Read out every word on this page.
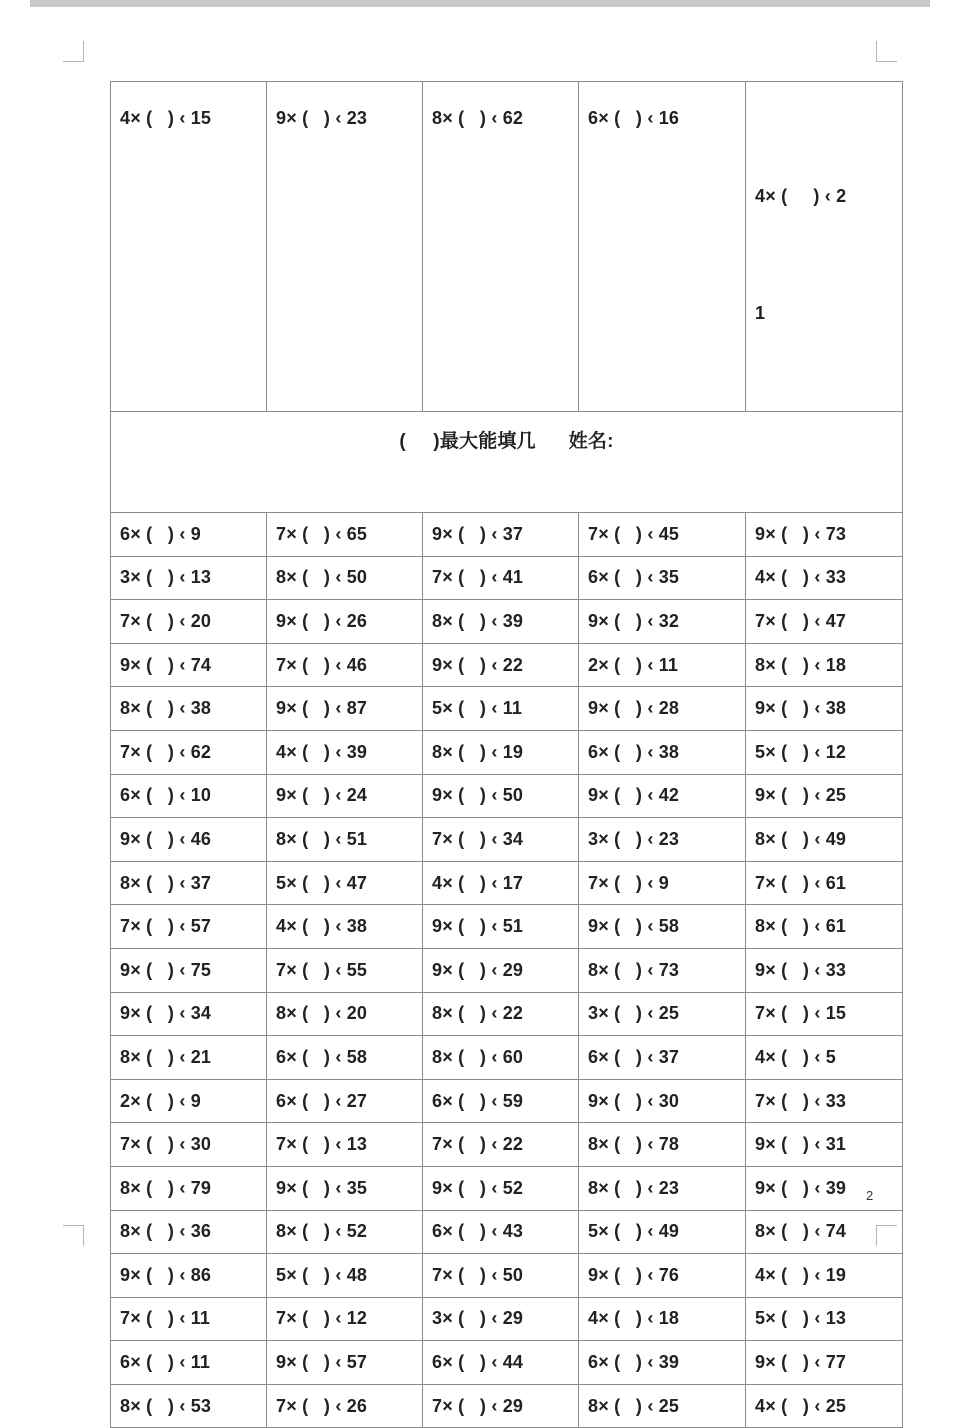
4× (   ) ‹ 15	9× (   ) ‹ 23	8× (   ) ‹ 62	6× (   ) ‹ 16	4× (     ) ‹ 2

1

(     )最大能填几      姓名:				
6× (   ) ‹ 9	7× (   ) ‹ 65	9× (   ) ‹ 37	7× (   ) ‹ 45	9× (   ) ‹ 73
3× (   ) ‹ 13	8× (   ) ‹ 50	7× (   ) ‹ 41	6× (   ) ‹ 35	4× (   ) ‹ 33
7× (   ) ‹ 20	9× (   ) ‹ 26	8× (   ) ‹ 39	9× (   ) ‹ 32	7× (   ) ‹ 47
9× (   ) ‹ 74	7× (   ) ‹ 46	9× (   ) ‹ 22	2× (   ) ‹ 11	8× (   ) ‹ 18
8× (   ) ‹ 38	9× (   ) ‹ 87	5× (   ) ‹ 11	9× (   ) ‹ 28	9× (   ) ‹ 38
7× (   ) ‹ 62	4× (   ) ‹ 39	8× (   ) ‹ 19	6× (   ) ‹ 38	5× (   ) ‹ 12
6× (   ) ‹ 10	9× (   ) ‹ 24	9× (   ) ‹ 50	9× (   ) ‹ 42	9× (   ) ‹ 25
9× (   ) ‹ 46	8× (   ) ‹ 51	7× (   ) ‹ 34	3× (   ) ‹ 23	8× (   ) ‹ 49
8× (   ) ‹ 37	5× (   ) ‹ 47	4× (   ) ‹ 17	7× (   ) ‹ 9	7× (   ) ‹ 61
7× (   ) ‹ 57	4× (   ) ‹ 38	9× (   ) ‹ 51	9× (   ) ‹ 58	8× (   ) ‹ 61
9× (   ) ‹ 75	7× (   ) ‹ 55	9× (   ) ‹ 29	8× (   ) ‹ 73	9× (   ) ‹ 33
9× (   ) ‹ 34	8× (   ) ‹ 20	8× (   ) ‹ 22	3× (   ) ‹ 25	7× (   ) ‹ 15
8× (   ) ‹ 21	6× (   ) ‹ 58	8× (   ) ‹ 60	6× (   ) ‹ 37	4× (   ) ‹ 5
2× (   ) ‹ 9	6× (   ) ‹ 27	6× (   ) ‹ 59	9× (   ) ‹ 30	7× (   ) ‹ 33
7× (   ) ‹ 30	7× (   ) ‹ 13	7× (   ) ‹ 22	8× (   ) ‹ 78	9× (   ) ‹ 31
8× (   ) ‹ 79	9× (   ) ‹ 35	9× (   ) ‹ 52	8× (   ) ‹ 23	9× (   ) ‹ 39
8× (   ) ‹ 36	8× (   ) ‹ 52	6× (   ) ‹ 43	5× (   ) ‹ 49	8× (   ) ‹ 74
9× (   ) ‹ 86	5× (   ) ‹ 48	7× (   ) ‹ 50	9× (   ) ‹ 76	4× (   ) ‹ 19
7× (   ) ‹ 11	7× (   ) ‹ 12	3× (   ) ‹ 29	4× (   ) ‹ 18	5× (   ) ‹ 13
6× (   ) ‹ 11	9× (   ) ‹ 57	6× (   ) ‹ 44	6× (   ) ‹ 39	9× (   ) ‹ 77
8× (   ) ‹ 53	7× (   ) ‹ 26	7× (   ) ‹ 29	8× (   ) ‹ 25	4× (   ) ‹ 25
2
